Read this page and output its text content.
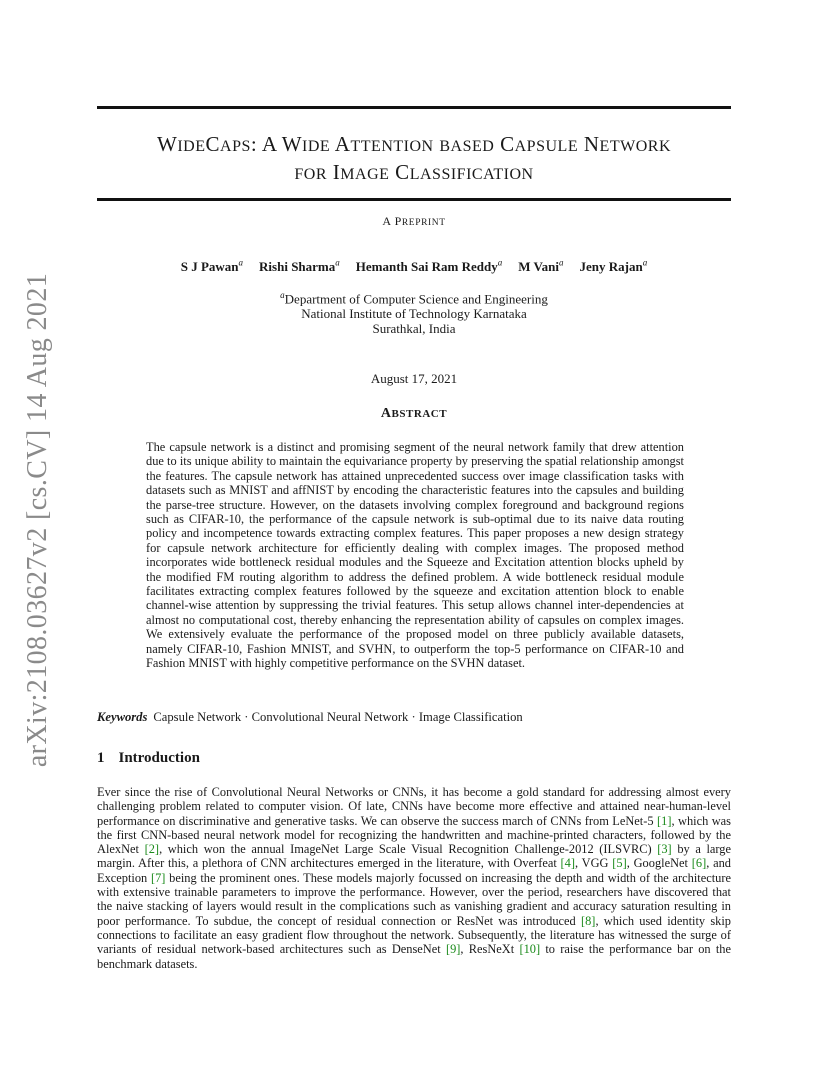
arXiv:2108.03627v2 [cs.CV] 14 Aug 2021
WIDECAPS: A WIDE ATTENTION BASED CAPSULE NETWORK
FOR IMAGE CLASSIFICATION
A PREPRINT
S J Pawan$^a$ Rishi Sharma$^a$ Hemanth Sai Ram Reddy$^a$ M Vani$^a$ Jeny Rajan$^a$
$^a$Department of Computer Science and Engineering
National Institute of Technology Karnataka
Surathkal, India
August 17, 2021
ABSTRACT
The capsule network is a distinct and promising segment of the neural network family that drew attention due to its unique ability to maintain the equivariance property by preserving the spatial relationship amongst the features. The capsule network has attained unprecedented success over image classification tasks with datasets such as MNIST and affNIST by encoding the characteristic features into the capsules and building the parse-tree structure. However, on the datasets involving complex foreground and background regions such as CIFAR-10, the performance of the capsule network is sub-optimal due to its naive data routing policy and incompetence towards extracting complex features. This paper proposes a new design strategy for capsule network architecture for efficiently dealing with complex images. The proposed method incorporates wide bottleneck residual modules and the Squeeze and Excitation attention blocks upheld by the modified FM routing algorithm to address the defined problem. A wide bottleneck residual module facilitates extracting complex features followed by the squeeze and excitation attention block to enable channel-wise attention by suppressing the trivial features. This setup allows channel inter-dependencies at almost no computational cost, thereby enhancing the representation ability of capsules on complex images. We extensively evaluate the performance of the proposed model on three publicly available datasets, namely CIFAR-10, Fashion MNIST, and SVHN, to outperform the top-5 performance on CIFAR-10 and Fashion MNIST with highly competitive performance on the SVHN dataset.
Keywords Capsule Network · Convolutional Neural Network · Image Classification
1 Introduction
Ever since the rise of Convolutional Neural Networks or CNNs, it has become a gold standard for addressing almost every challenging problem related to computer vision. Of late, CNNs have become more effective and attained near-human-level performance on discriminative and generative tasks. We can observe the success march of CNNs from LeNet-5 [1], which was the first CNN-based neural network model for recognizing the handwritten and machine-printed characters, followed by the AlexNet [2], which won the annual ImageNet Large Scale Visual Recognition Challenge-2012 (ILSVRC) [3] by a large margin. After this, a plethora of CNN architectures emerged in the literature, with Overfeat [4], VGG [5], GoogleNet [6], and Exception [7] being the prominent ones. These models majorly focussed on increasing the depth and width of the architecture with extensive trainable parameters to improve the performance. However, over the period, researchers have discovered that the naive stacking of layers would result in the complications such as vanishing gradient and accuracy saturation resulting in poor performance. To subdue, the concept of residual connection or ResNet was introduced [8], which used identity skip connections to facilitate an easy gradient flow throughout the network. Subsequently, the literature has witnessed the surge of variants of residual network-based architectures such as DenseNet [9], ResNeXt [10] to raise the performance bar on the benchmark datasets.
